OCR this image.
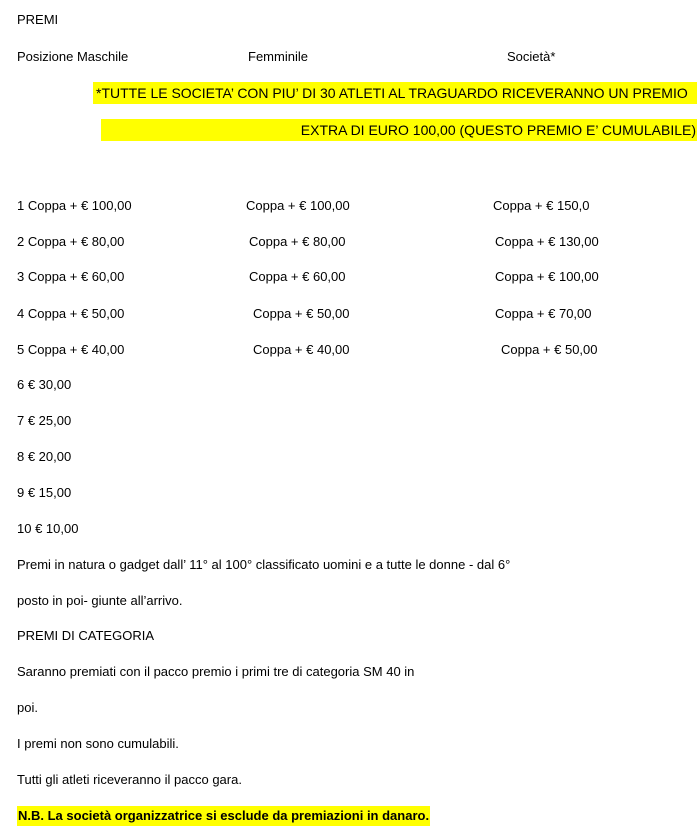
PREMI
Posizione Maschile	Femminile	Società*
*TUTTE LE SOCIETA’ CON PIU’ DI 30 ATLETI AL TRAGUARDO RICEVERANNO UN PREMIO
EXTRA DI EURO 100,00 (QUESTO PREMIO E’ CUMULABILE)
1 Coppa + € 100,00	Coppa + € 100,00	Coppa + € 150,0
2 Coppa + € 80,00	Coppa + € 80,00	Coppa + € 130,00
3 Coppa + € 60,00	Coppa + € 60,00	Coppa + € 100,00
4 Coppa + € 50,00	Coppa + € 50,00	Coppa + € 70,00
5 Coppa + € 40,00	Coppa + € 40,00	Coppa + € 50,00
6 € 30,00
7 € 25,00
8 € 20,00
9 € 15,00
10 € 10,00
Premi in natura o gadget dall’ 11° al 100° classificato uomini e a tutte le donne - dal 6°
posto in poi- giunte all’arrivo.
PREMI DI CATEGORIA
Saranno premiati con il pacco premio i primi tre di categoria SM 40 in
poi.
I premi non sono cumulabili.
Tutti gli atleti riceveranno il pacco gara.
N.B. La società organizzatrice si esclude da premiazioni in danaro.
